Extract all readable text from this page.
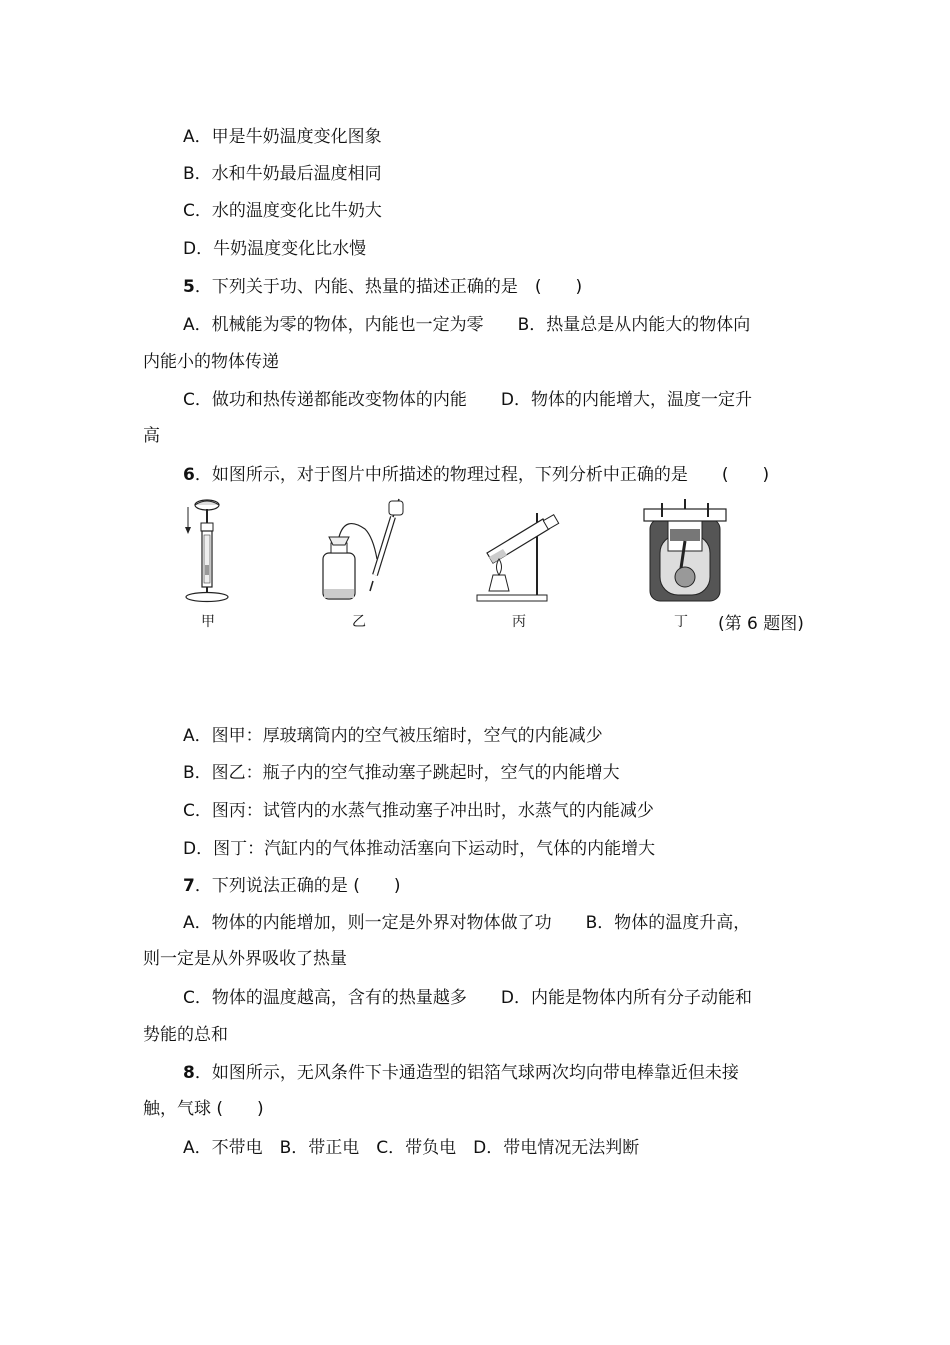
A．甲是牛奶温度变化图象
B．水和牛奶最后温度相同
C．水的温度变化比牛奶大
D．牛奶温度变化比水慢
5．下列关于功、内能、热量的描述正确的是　(　　)
A．机械能为零的物体，内能也一定为零　　B．热量总是从内能大的物体向
内能小的物体传递
C．做功和热传递都能改变物体的内能　　D．物体的内能增大，温度一定升
高
6．如图所示，对于图片中所描述的物理过程，下列分析中正确的是　　(　　)
甲	乙	丙	丁 (第 6 题图)
A．图甲：厚玻璃筒内的空气被压缩时，空气的内能减少
B．图乙：瓶子内的空气推动塞子跳起时，空气的内能增大
C．图丙：试管内的水蒸气推动塞子冲出时，水蒸气的内能减少
D．图丁：汽缸内的气体推动活塞向下运动时，气体的内能增大
7．下列说法正确的是 (　　)
A．物体的内能增加，则一定是外界对物体做了功　　B．物体的温度升高，
则一定是从外界吸收了热量
C．物体的温度越高，含有的热量越多　　D．内能是物体内所有分子动能和
势能的总和
8．如图所示，无风条件下卡通造型的铝箔气球两次均向带电棒靠近但未接
触，气球 (　　)
A．不带电　B．带正电　C．带负电　D．带电情况无法判断
